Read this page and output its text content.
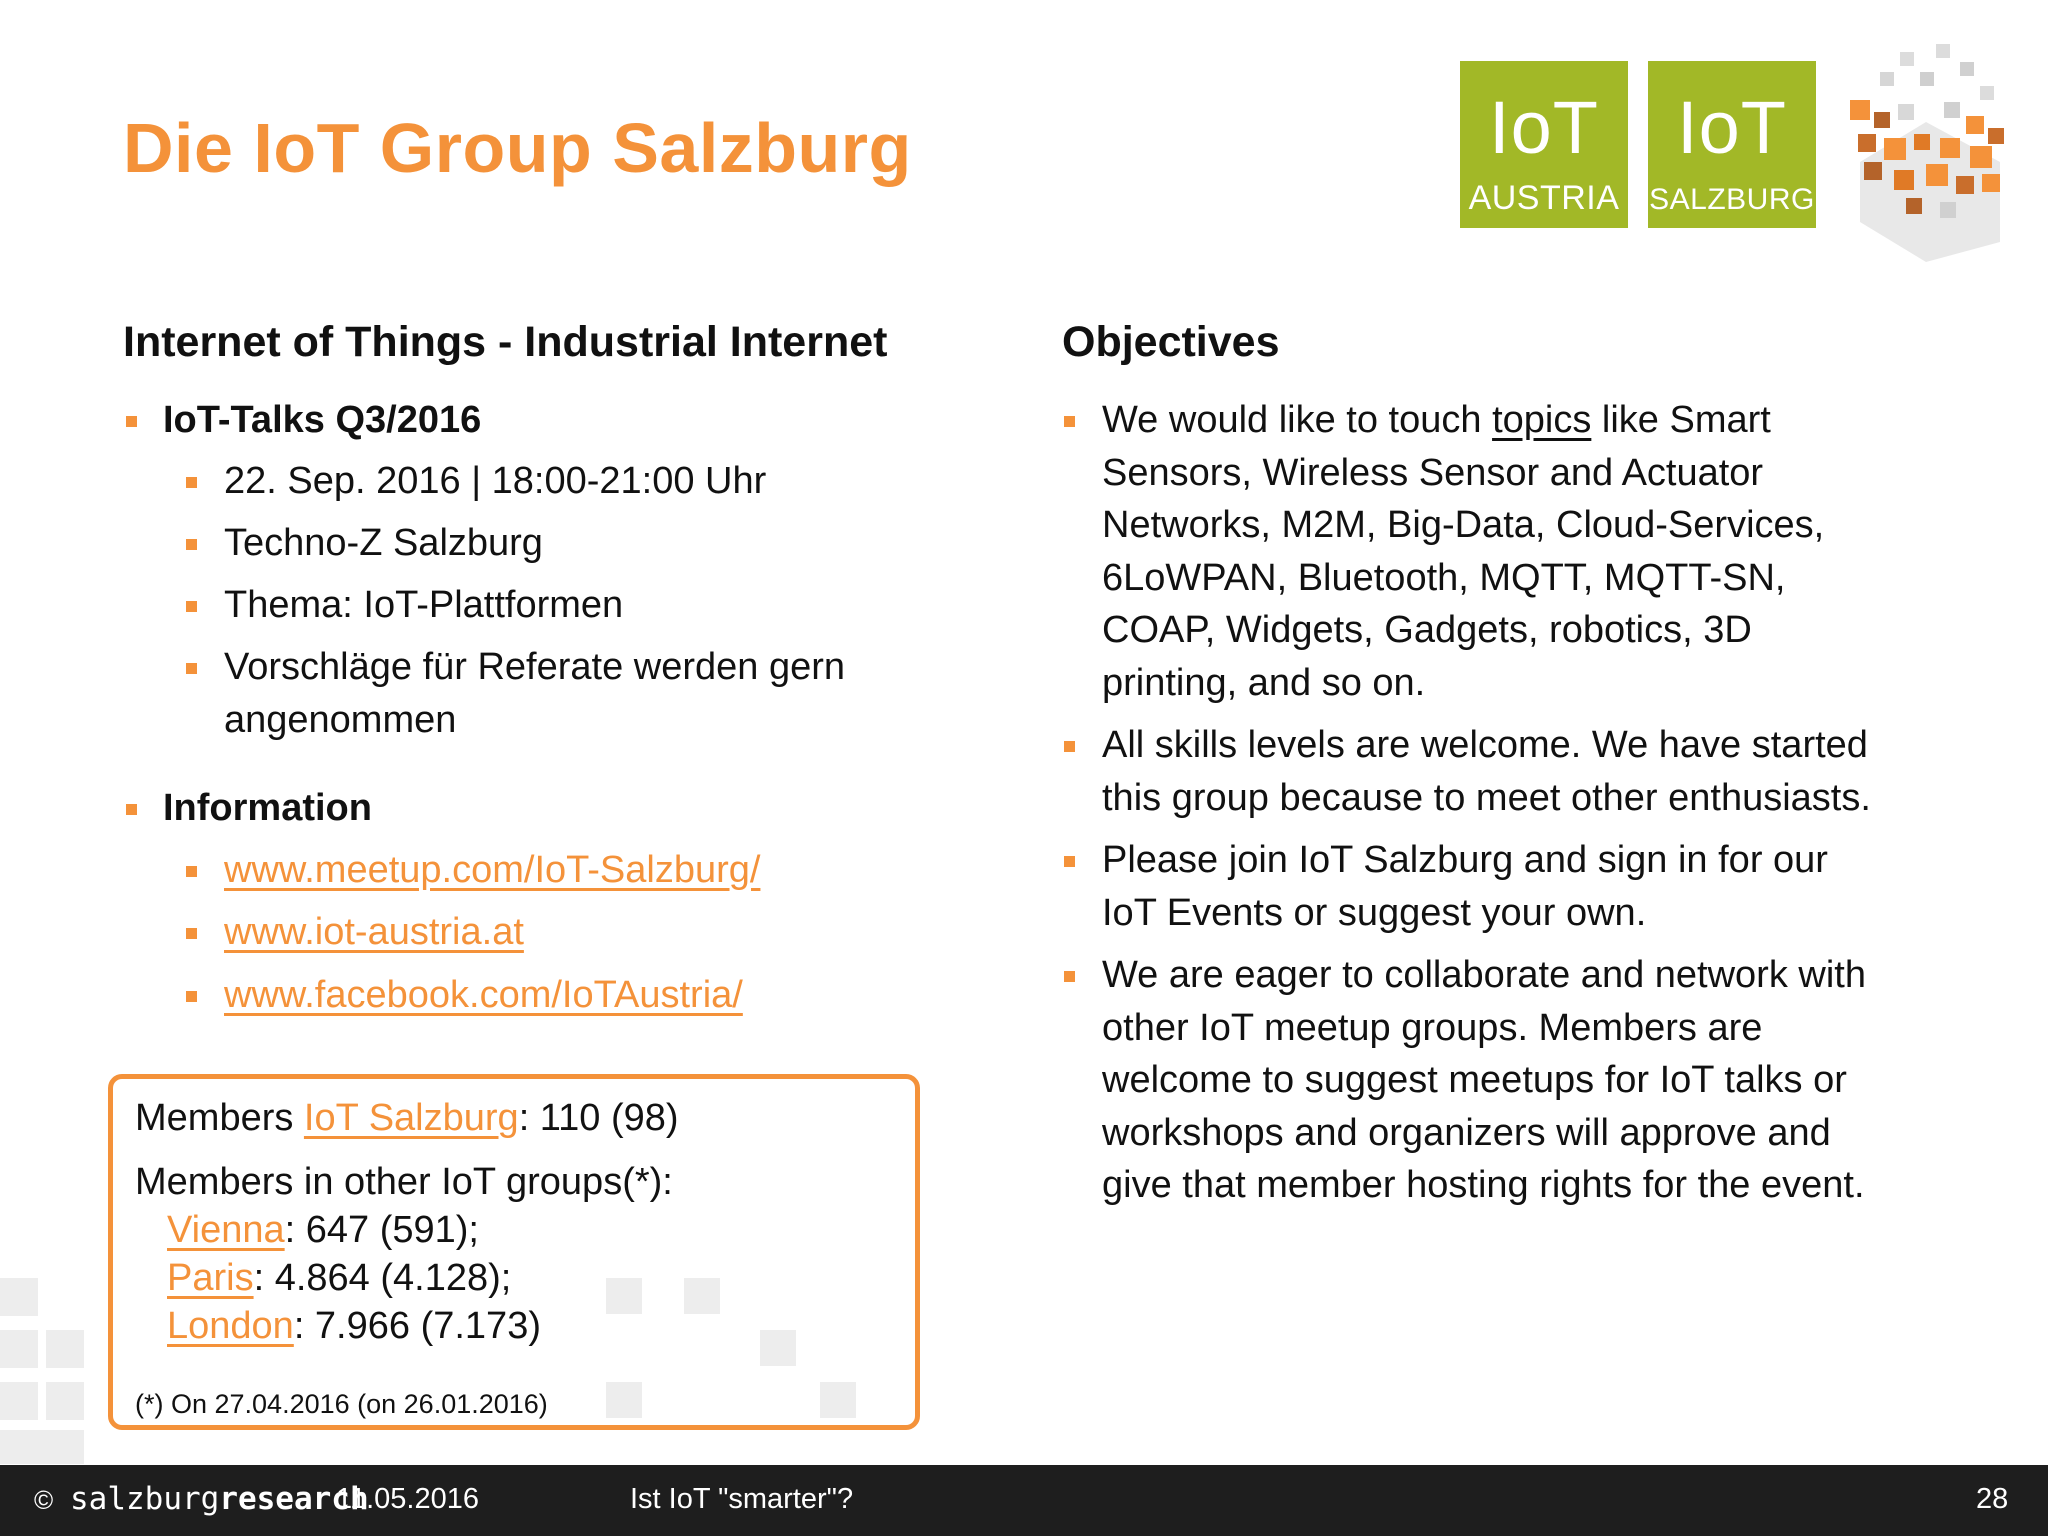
Die IoT Group Salzburg	IoT
AUSTRIA
IoT
SALZBURG
Internet of Things - Industrial Internet
IoT-Talks Q3/2016
22. Sep. 2016 | 18:00-21:00 Uhr
Techno-Z Salzburg
Thema: IoT-Plattformen
Vorschläge für Referate werden gern
angenommen
Information
www.meetup.com/IoT-Salzburg/
www.iot-austria.at
www.facebook.com/IoTAustria/
Members IoT Salzburg: 110 (98)
Members in other IoT groups(*):
Vienna: 647 (591);
Paris: 4.864 (4.128);
London: 7.966 (7.173)
(*) On 27.04.2016 (on 26.01.2016)
Objectives
We would like to touch topics like Smart
Sensors, Wireless Sensor and Actuator
Networks, M2M, Big-Data, Cloud-Services,
6LoWPAN, Bluetooth, MQTT, MQTT-SN,
COAP, Widgets, Gadgets, robotics, 3D
printing, and so on.
All skills levels are welcome. We have started
this group because to meet other enthusiasts.
Please join IoT Salzburg and sign in for our
IoT Events or suggest your own.
We are eager to collaborate and network with
other IoT meetup groups. Members are
welcome to suggest meetups for IoT talks or
workshops and organizers will approve and
give that member hosting rights for the event.
© salzburgresearch
11.05.2016	Ist IoT "smarter"?	28
